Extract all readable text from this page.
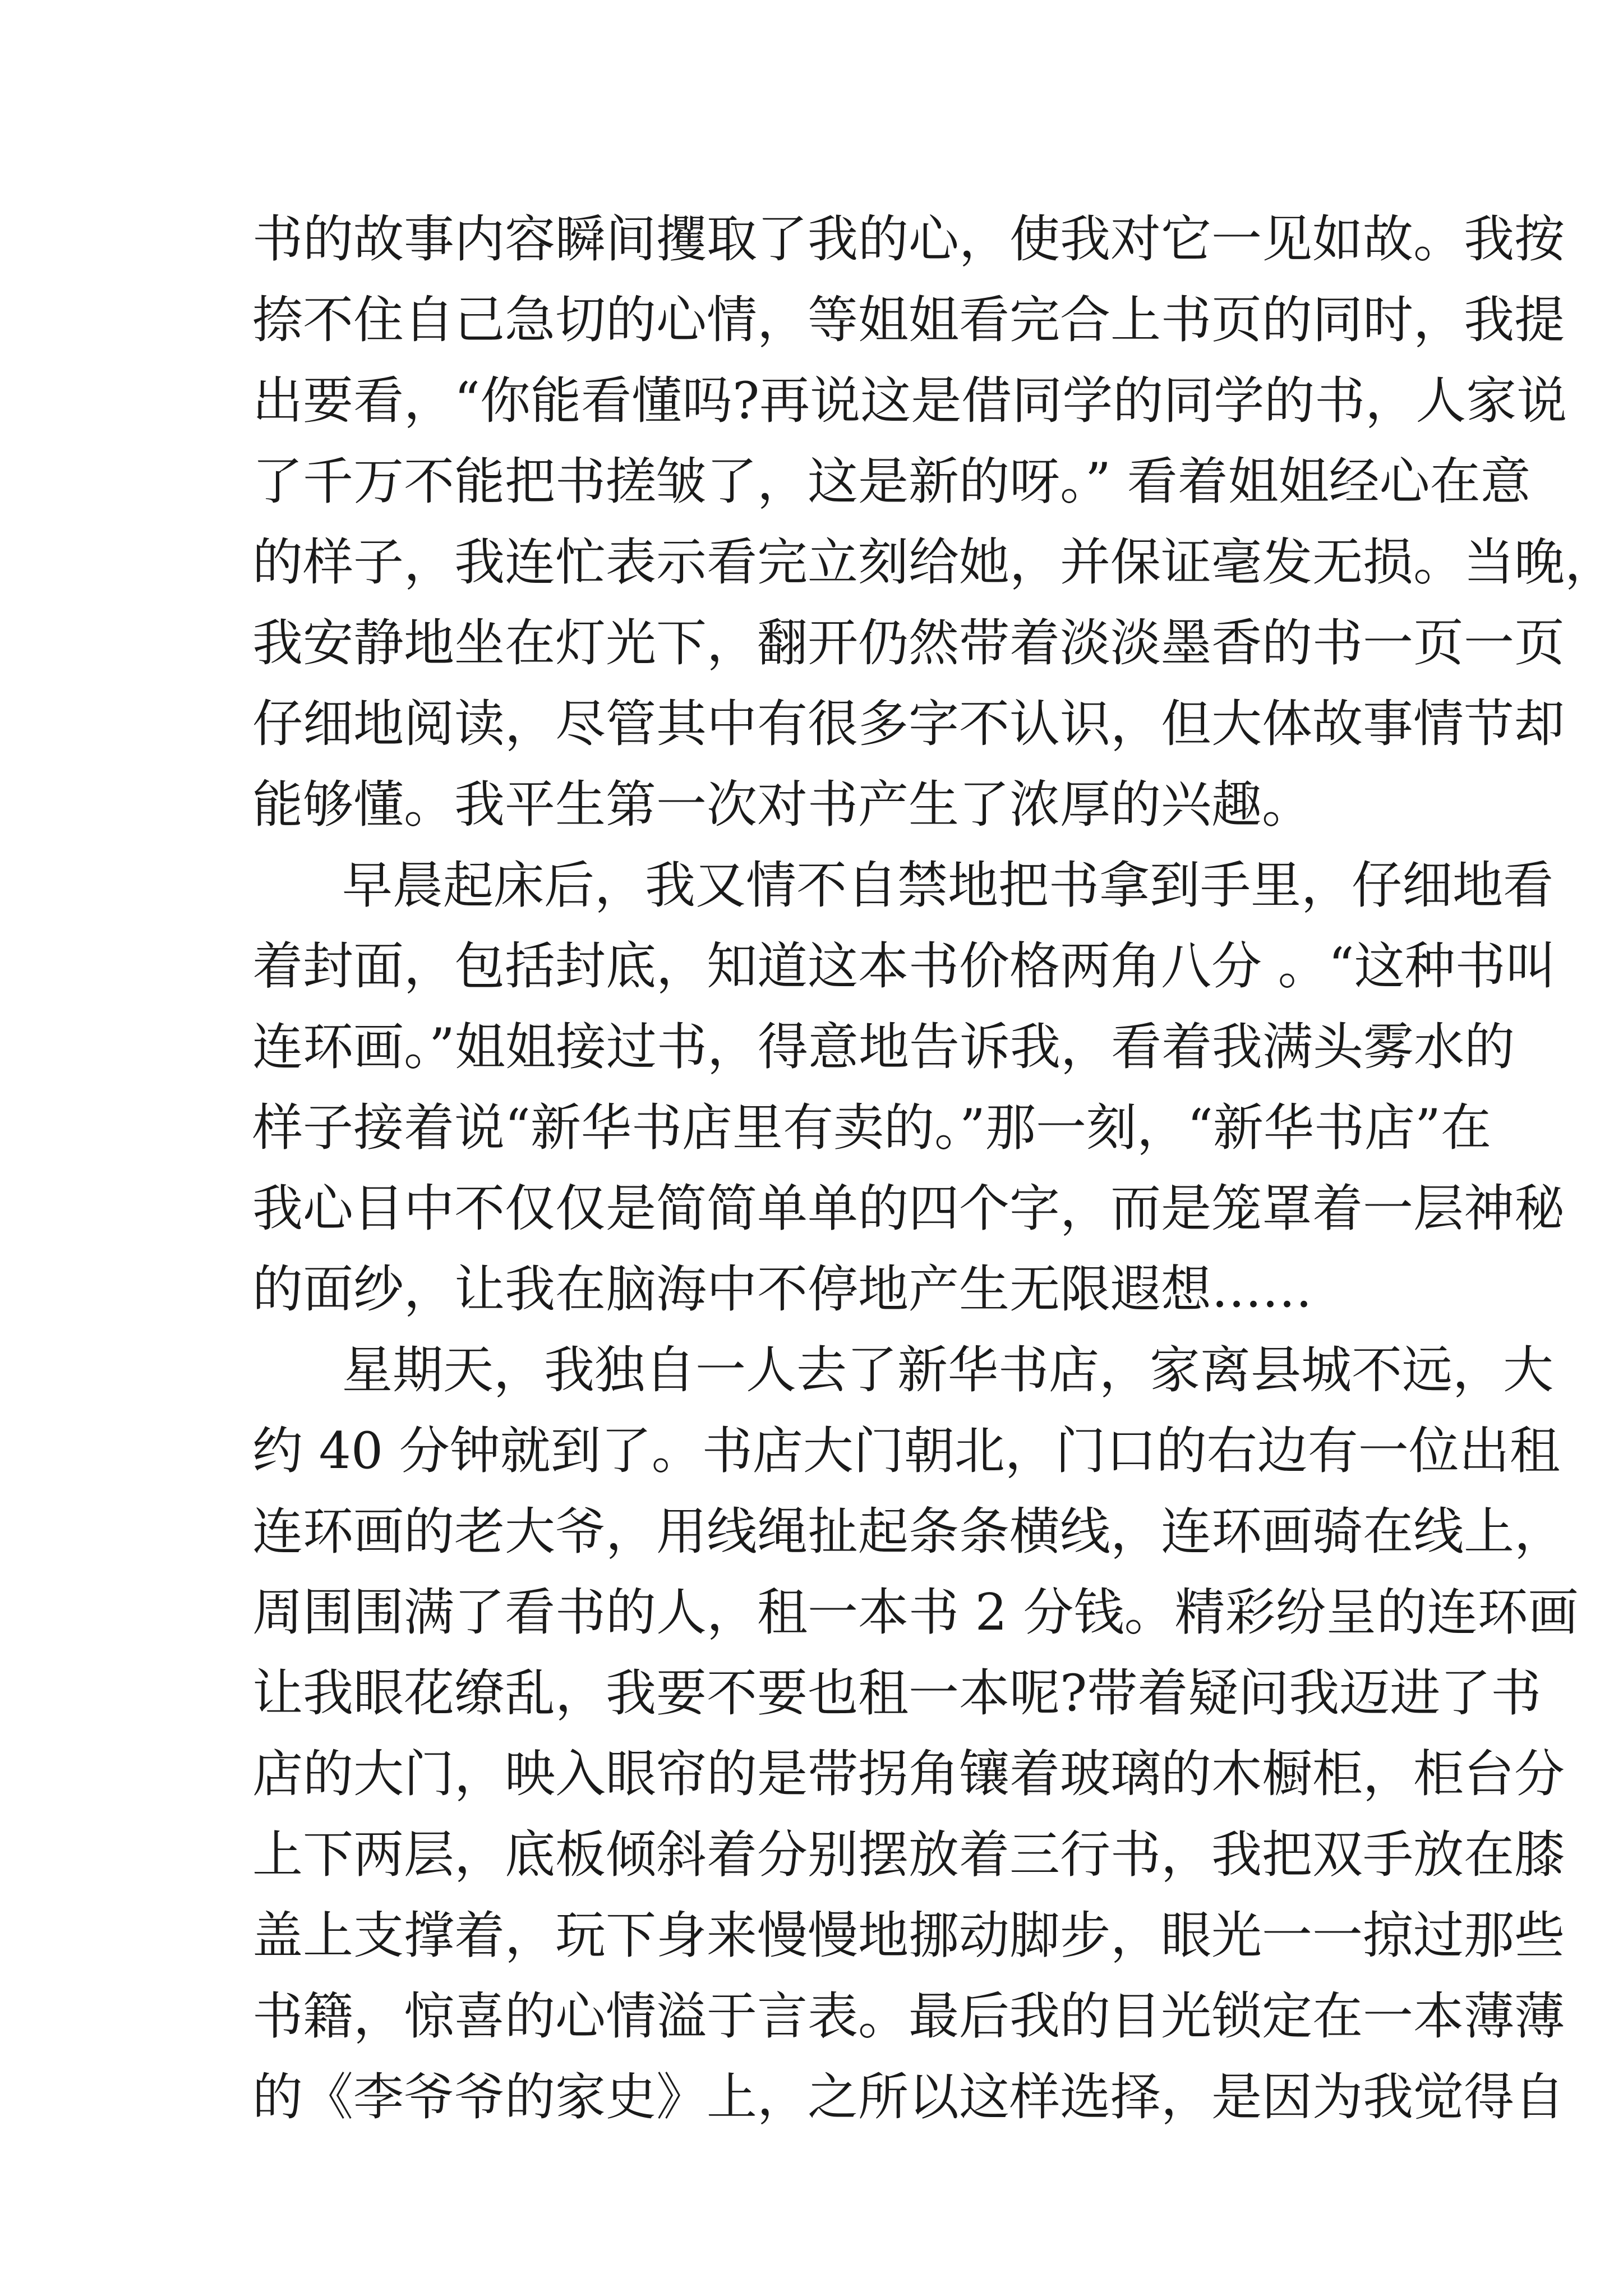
书的故事内容瞬间攫取了我的心，使我对它一见如故。我按
捺不住自己急切的心情，等姐姐看完合上书页的同时，我提
出要看，“你能看懂吗?再说这是借同学的同学的书，人家说
了千万不能把书搓皱了，这是新的呀。” 看着姐姐经心在意
的样子，我连忙表示看完立刻给她，并保证毫发无损。当晚，
我安静地坐在灯光下，翻开仍然带着淡淡墨香的书一页一页
仔细地阅读，尽管其中有很多字不认识，但大体故事情节却
能够懂。我平生第一次对书产生了浓厚的兴趣。
早晨起床后，我又情不自禁地把书拿到手里，仔细地看
着封面，包括封底，知道这本书价格两角八分 。“这种书叫
连环画。”姐姐接过书，得意地告诉我，看着我满头雾水的
样子接着说“新华书店里有卖的。”那一刻，“新华书店”在
我心目中不仅仅是简简单单的四个字，而是笼罩着一层神秘
的面纱，让我在脑海中不停地产生无限遐想……
星期天，我独自一人去了新华书店，家离县城不远，大
约 40 分钟就到了。书店大门朝北，门口的右边有一位出租
连环画的老大爷，用线绳扯起条条横线，连环画骑在线上，
周围围满了看书的人，租一本书 2 分钱。精彩纷呈的连环画
让我眼花缭乱，我要不要也租一本呢?带着疑问我迈进了书
店的大门，映入眼帘的是带拐角镶着玻璃的木橱柜，柜台分
上下两层，底板倾斜着分别摆放着三行书，我把双手放在膝
盖上支撑着，玩下身来慢慢地挪动脚步，眼光一一掠过那些
书籍，惊喜的心情溢于言表。最后我的目光锁定在一本薄薄
的《李爷爷的家史》上，之所以这样选择，是因为我觉得自
